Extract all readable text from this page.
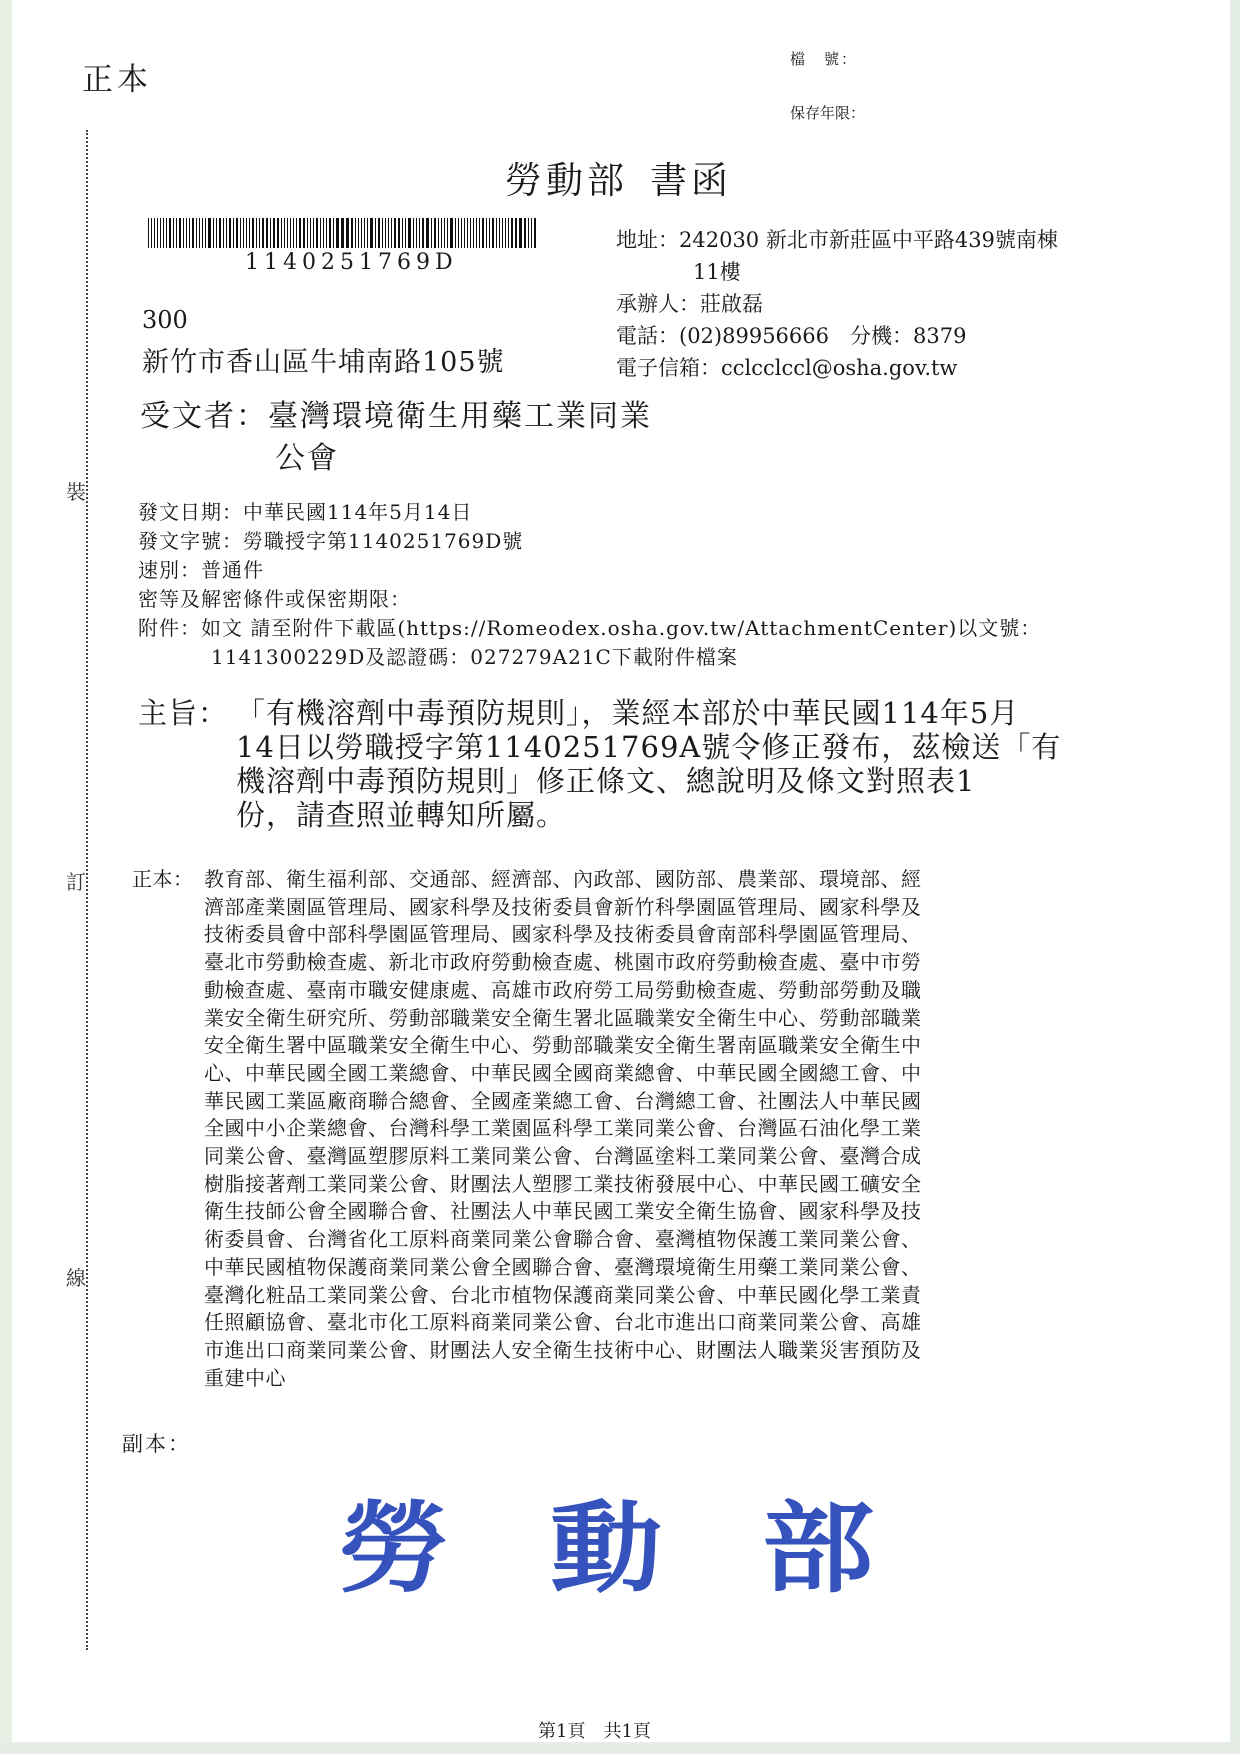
正本
檔　號：
保存年限：
勞動部 書函
裝
訂
線
1140251769D
地址：242030 新北市新莊區中平路439號南棟
11樓
承辦人：莊啟磊
電話：(02)89956666　分機：8379
電子信箱：cclcclccl@osha.gov.tw
300
新竹市香山區牛埔南路105號
受文者：臺灣環境衛生用藥工業同業
公會
發文日期：中華民國114年5月14日
發文字號：勞職授字第1140251769D號
速別：普通件
密等及解密條件或保密期限：
附件：如文 請至附件下載區(https://Romeodex.osha.gov.tw/AttachmentCenter)以文號：
1141300229D及認證碼：027279A21C下載附件檔案
主旨： 「有機溶劑中毒預防規則」，業經本部於中華民國114年5月
14日以勞職授字第1140251769A號令修正發布，茲檢送「有
機溶劑中毒預防規則」修正條文、總說明及條文對照表1
份，請查照並轉知所屬。
正本： 教育部、衛生福利部、交通部、經濟部、內政部、國防部、農業部、環境部、經
濟部產業園區管理局、國家科學及技術委員會新竹科學園區管理局、國家科學及
技術委員會中部科學園區管理局、國家科學及技術委員會南部科學園區管理局、
臺北市勞動檢查處、新北市政府勞動檢查處、桃園市政府勞動檢查處、臺中市勞
動檢查處、臺南市職安健康處、高雄市政府勞工局勞動檢查處、勞動部勞動及職
業安全衛生研究所、勞動部職業安全衛生署北區職業安全衛生中心、勞動部職業
安全衛生署中區職業安全衛生中心、勞動部職業安全衛生署南區職業安全衛生中
心、中華民國全國工業總會、中華民國全國商業總會、中華民國全國總工會、中
華民國工業區廠商聯合總會、全國產業總工會、台灣總工會、社團法人中華民國
全國中小企業總會、台灣科學工業園區科學工業同業公會、台灣區石油化學工業
同業公會、臺灣區塑膠原料工業同業公會、台灣區塗料工業同業公會、臺灣合成
樹脂接著劑工業同業公會、財團法人塑膠工業技術發展中心、中華民國工礦安全
衛生技師公會全國聯合會、社團法人中華民國工業安全衛生協會、國家科學及技
術委員會、台灣省化工原料商業同業公會聯合會、臺灣植物保護工業同業公會、
中華民國植物保護商業同業公會全國聯合會、臺灣環境衛生用藥工業同業公會、
臺灣化粧品工業同業公會、台北市植物保護商業同業公會、中華民國化學工業責
任照顧協會、臺北市化工原料商業同業公會、台北市進出口商業同業公會、高雄
市進出口商業同業公會、財團法人安全衛生技術中心、財團法人職業災害預防及
重建中心
副本：
勞動部
第1頁　共1頁
